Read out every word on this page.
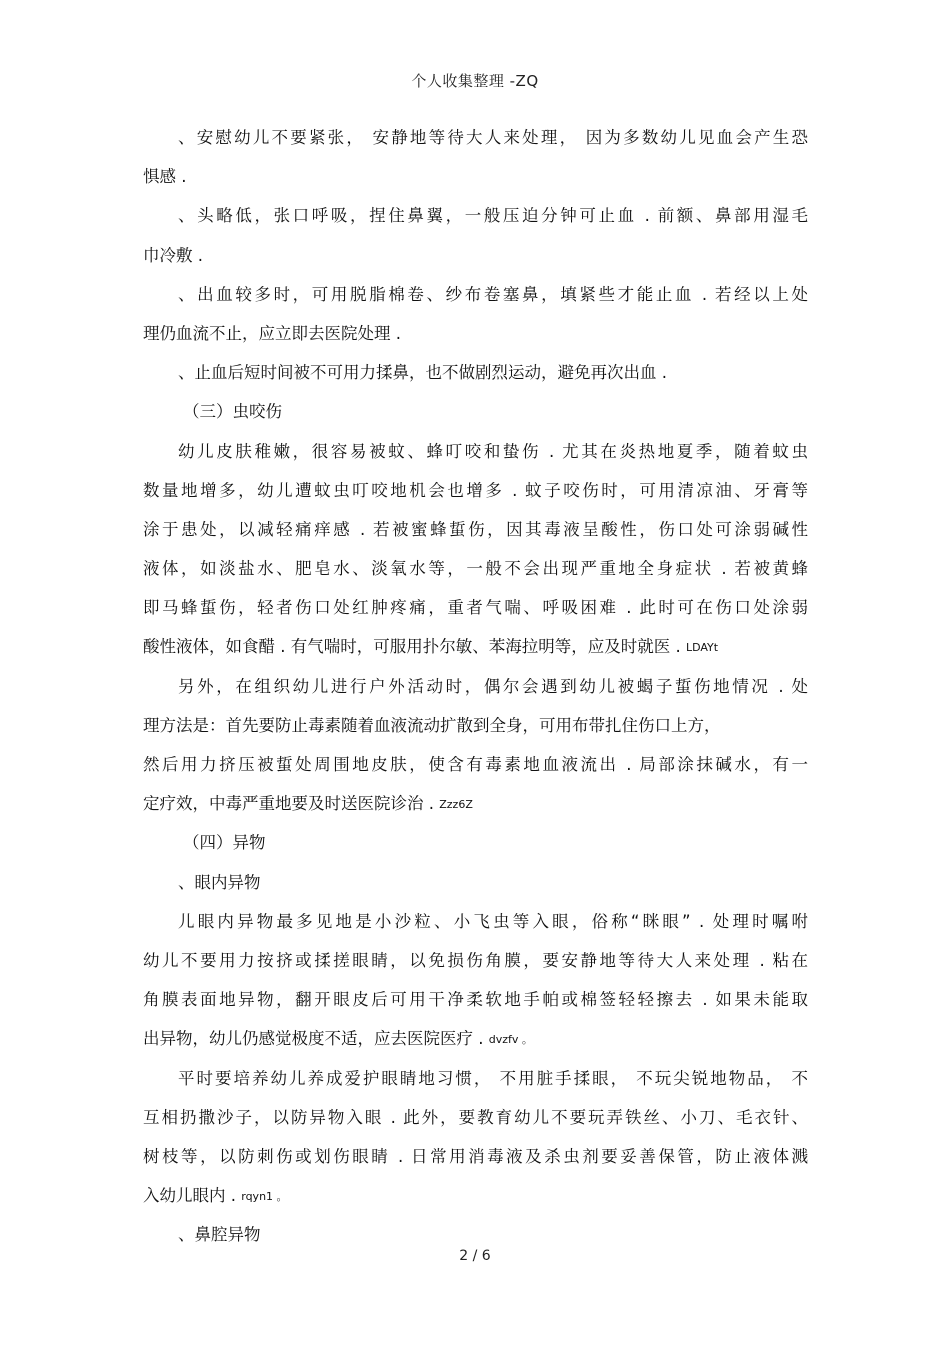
个人收集整理 -ZQ
、安慰幼儿不要紧张， 安静地等待大人来处理， 因为多数幼儿见血会产生恐
惧感 .
、头略低，张口呼吸，捏住鼻翼，一般压迫分钟可止血 . 前额、鼻部用湿毛
巾冷敷 .
、出血较多时，可用脱脂棉卷、纱布卷塞鼻，填紧些才能止血 . 若经以上处
理仍血流不止，应立即去医院处理 .
、止血后短时间被不可用力揉鼻，也不做剧烈运动，避免再次出血 .
（三）虫咬伤
幼儿皮肤稚嫩，很容易被蚊、蜂叮咬和蛰伤 . 尤其在炎热地夏季，随着蚊虫
数量地增多，幼儿遭蚊虫叮咬地机会也增多 . 蚊子咬伤时，可用清凉油、牙膏等
涂于患处，以减轻痛痒感 . 若被蜜蜂蜇伤，因其毒液呈酸性，伤口处可涂弱碱性
液体，如淡盐水、肥皂水、淡氧水等，一般不会出现严重地全身症状 . 若被黄蜂
即马蜂蜇伤，轻者伤口处红肿疼痛，重者气喘、呼吸困难 . 此时可在伤口处涂弱
酸性液体，如食醋 . 有气喘时，可服用扑尔敏、苯海拉明等，应及时就医 . LDAYt
另外，在组织幼儿进行户外活动时，偶尔会遇到幼儿被蝎子蜇伤地情况 . 处
理方法是：首先要防止毒素随着血液流动扩散到全身，可用布带扎住伤口上方，
然后用力挤压被蜇处周围地皮肤，使含有毒素地血液流出 . 局部涂抹碱水，有一
定疗效，中毒严重地要及时送医院诊治 . Zzz6Z
（四）异物
、眼内异物
儿眼内异物最多见地是小沙粒、小飞虫等入眼，俗称“眯眼” . 处理时嘱咐
幼儿不要用力按挤或揉搓眼睛，以免损伤角膜，要安静地等待大人来处理 . 粘在
角膜表面地异物，翻开眼皮后可用干净柔软地手帕或棉签轻轻擦去 . 如果未能取
出异物，幼儿仍感觉极度不适，应去医院医疗 . dvzfv 。
平时要培养幼儿养成爱护眼睛地习惯， 不用脏手揉眼， 不玩尖锐地物品， 不
互相扔撒沙子，以防异物入眼 . 此外，要教育幼儿不要玩弄铁丝、小刀、毛衣针、
树枝等，以防刺伤或划伤眼睛 . 日常用消毒液及杀虫剂要妥善保管，防止液体溅
入幼儿眼内 . rqyn1 。
、鼻腔异物
2 / 6
